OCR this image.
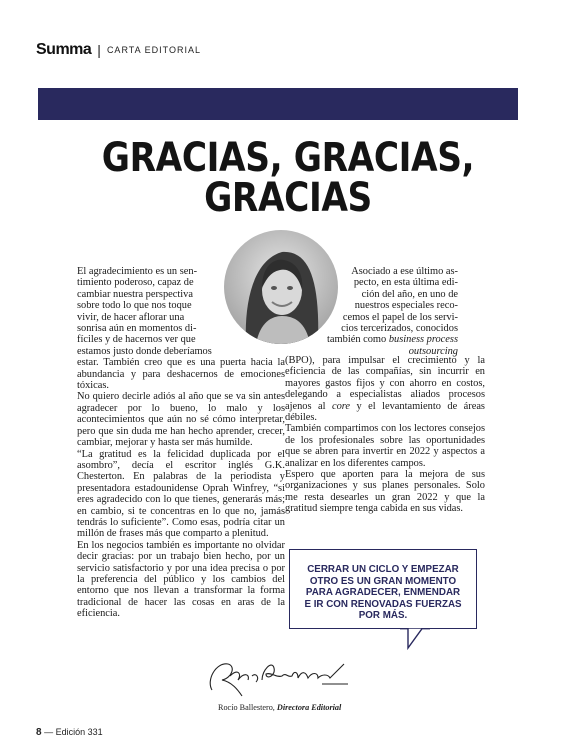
Summa | CARTA EDITORIAL
GRACIAS, GRACIAS,
GRACIAS

El agradecimiento es un sen-
timiento poderoso, capaz de
cambiar nuestra perspectiva
sobre todo lo que nos toque
vivir, de hacer aflorar una
sonrisa aún en momentos di-
fíciles y de hacernos ver que
estamos justo donde deberíamos
estar. También creo que es una puerta hacia la abundancia y para deshacernos de emociones tóxicas.

No quiero decirle adiós al año que se va sin antes agradecer por lo bueno, lo malo y los acontecimientos que aún no sé cómo interpretar, pero que sin duda me han hecho aprender, crecer, cambiar, mejorar y hasta ser más humilde.

“La gratitud es la felicidad duplicada por el asombro”, decía el escritor inglés G.K. Chesterton. En palabras de la periodista y presentadora estadounidense Oprah Winfrey, “si eres agradecido con lo que tienes, generarás más; en cambio, si te concentras en lo que no, jamás tendrás lo suficiente”. Como esas, podría citar un millón de frases más que comparto a plenitud.

En los negocios también es importante no olvidar decir gracias: por un trabajo bien hecho, por un servicio satisfactorio y por una idea precisa o por la preferencia del público y los cambios del entorno que nos llevan a transformar la forma tradicional de hacer las cosas en aras de la eficiencia.

Asociado a ese último as-
pecto, en esta última edi-
ción del año, en uno de
nuestros especiales reco-
cemos el papel de los servi-
cios tercerizados, conocidos
también como business process outsourcing

(BPO), para impulsar el crecimiento y la eficiencia de las compañías, sin incurrir en mayores gastos fijos y con ahorro en costos, delegando a especialistas aliados procesos ajenos al core y el levantamiento de áreas débiles.

También compartimos con los lectores consejos de los profesionales sobre las oportunidades que se abren para invertir en 2022 y aspectos a analizar en los diferentes campos.

Espero que aporten para la mejora de sus organizaciones y sus planes personales. Solo me resta desearles un gran 2022 y que la gratitud siempre tenga cabida en sus vidas.

CERRAR UN CICLO Y EMPEZAR OTRO ES UN GRAN MOMENTO PARA AGRADECER, ENMENDAR E IR CON RENOVADAS FUERZAS POR MÁS.
Rocío Ballestero, Directora Editorial
8 — Edición 331
